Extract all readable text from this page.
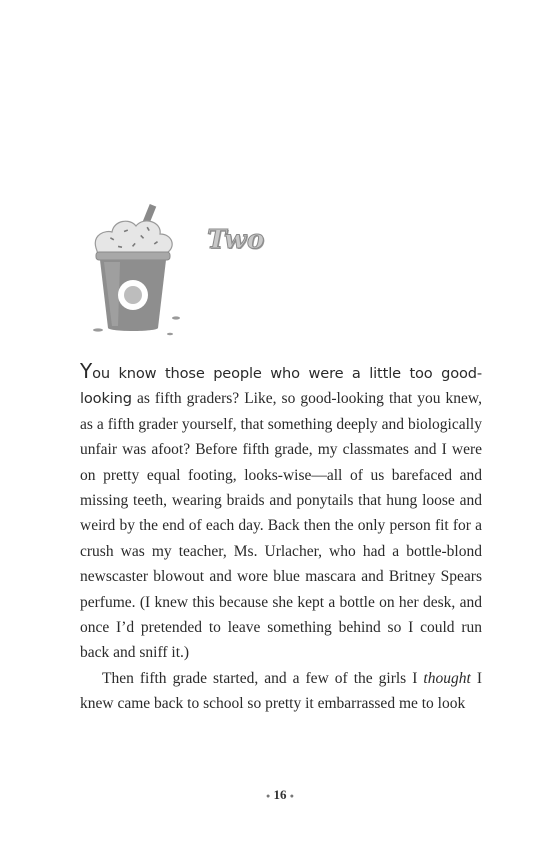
Two

You know those people who were a little too good-looking as fifth graders? Like, so good-looking that you knew, as a fifth grader yourself, that something deeply and biologically unfair was afoot? Before fifth grade, my classmates and I were on pretty equal footing, looks-wise—all of us barefaced and missing teeth, wearing braids and ponytails that hung loose and weird by the end of each day. Back then the only person fit for a crush was my teacher, Ms. Urlacher, who had a bottle-blond newscaster blowout and wore blue mascara and Britney Spears perfume. (I knew this because she kept a bottle on her desk, and once I’d pretended to leave something behind so I could run back and sniff it.)

Then fifth grade started, and a few of the girls I thought I knew came back to school so pretty it embarrassed me to look

● 16 ●
